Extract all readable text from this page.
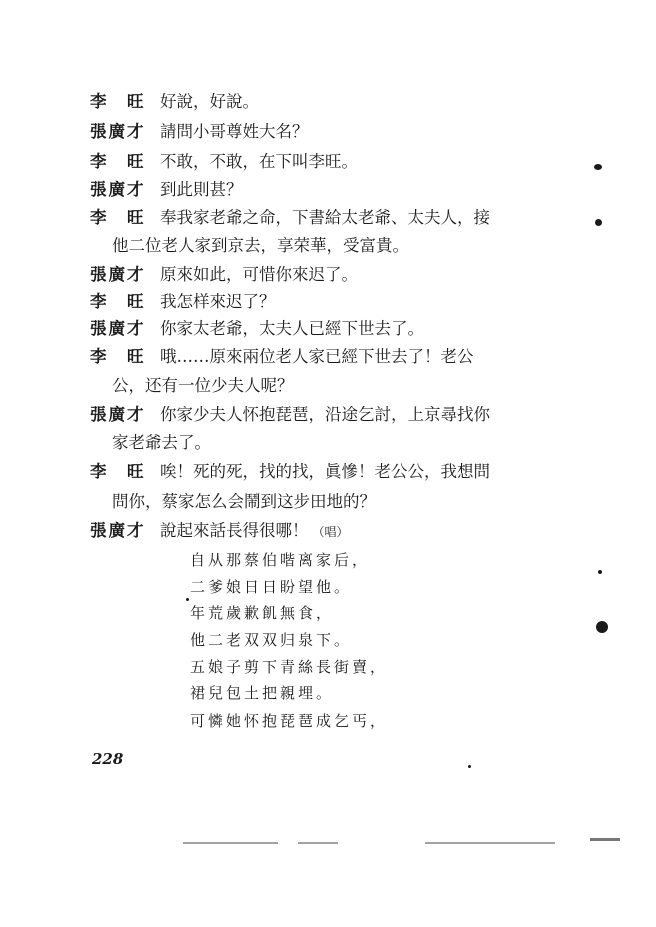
李　旺 好說，好說。
張廣才 請問小哥尊姓大名？
李　旺 不敢，不敢，在下叫李旺。
張廣才 到此則甚？
李　旺 奉我家老爺之命，下書給太老爺、太夫人，接
他二位老人家到京去，享荣華，受富貴。
張廣才 原來如此，可惜你來迟了。
李　旺 我怎样來迟了？
張廣才 你家太老爺，太夫人已經下世去了。
李　旺 哦……原來兩位老人家已經下世去了！老公
公，还有一位少夫人呢？
張廣才 你家少夫人怀抱琵琶，沿途乞討，上京尋找你
家老爺去了。
李　旺 唉！死的死，找的找，眞慘！老公公，我想問
問你，蔡家怎么会鬧到这步田地的？
張廣才 說起來話長得很哪！ （唱）
自从那蔡伯喈离家后，
二爹娘日日盼望他。
年荒歲歉飢無食，
他二老双双归泉下。
五娘子剪下青絲長街賣，
裙兒包土把親埋。
可憐她怀抱琵琶成乞丐，
228
